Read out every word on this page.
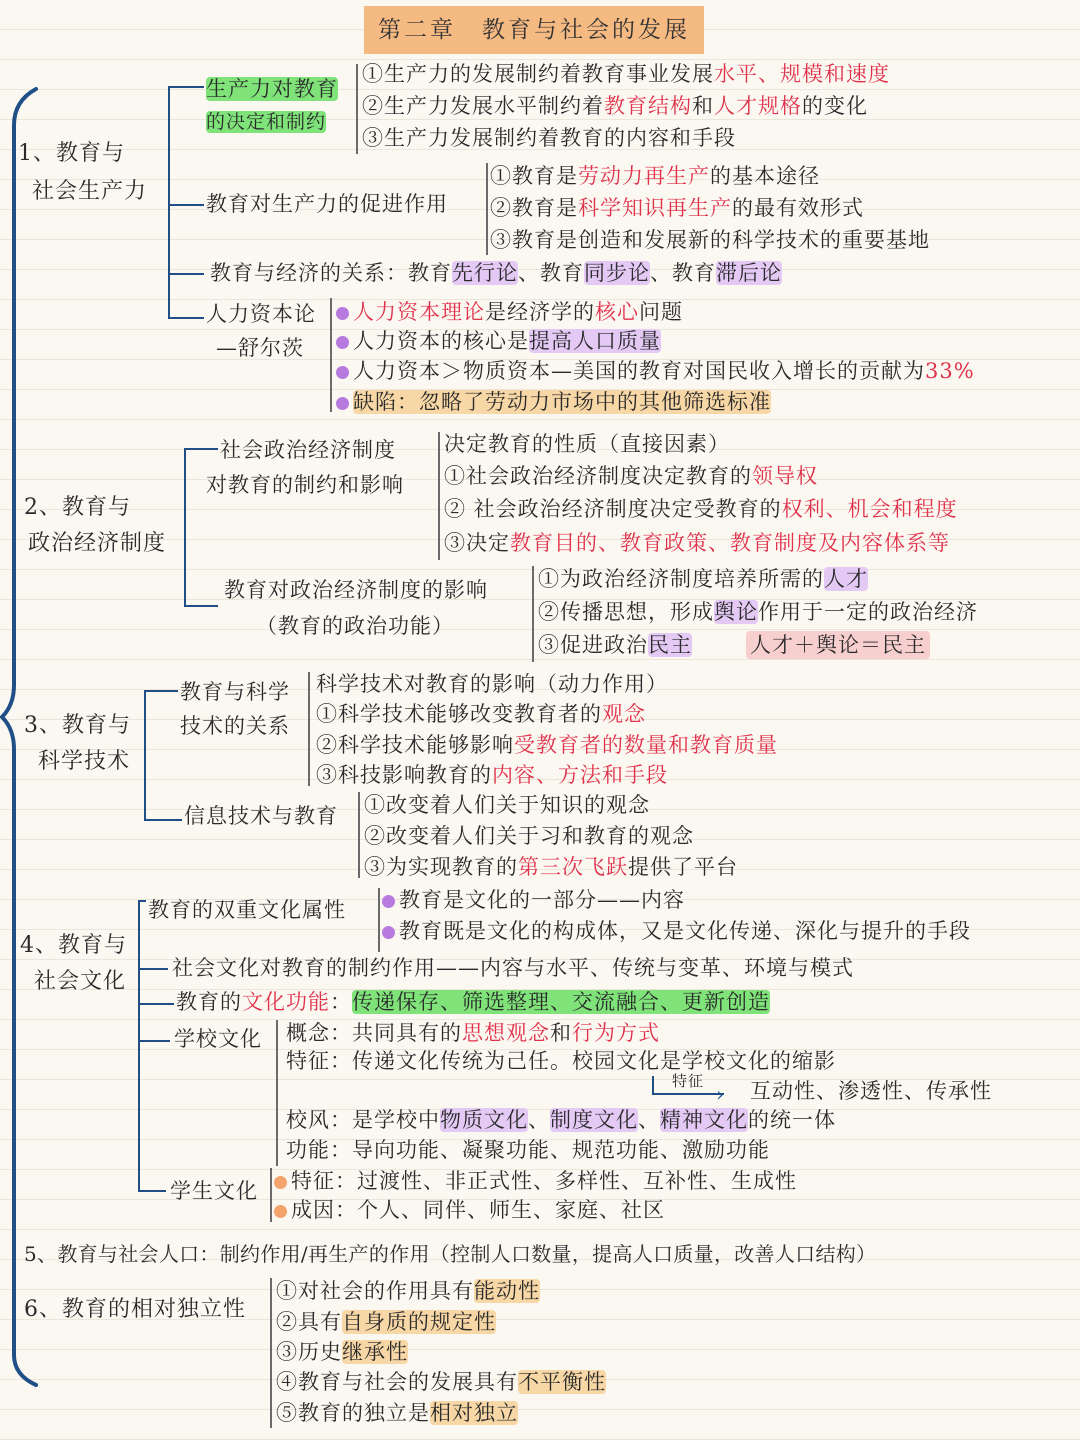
第二章　教育与社会的发展
1、教育与
社会生产力
生产力对教育
的决定和制约
①生产力的发展制约着教育事业发展水平、规模和速度
②生产力发展水平制约着教育结构和人才规格的变化
③生产力发展制约着教育的内容和手段
教育对生产力的促进作用
①教育是劳动力再生产的基本途径
②教育是科学知识再生产的最有效形式
③教育是创造和发展新的科学技术的重要基地
教育与经济的关系：教育先行论、教育同步论、教育滞后论
人力资本论
—舒尔茨
人力资本理论是经济学的核心问题
人力资本的核心是提高人口质量
人力资本＞物质资本—美国的教育对国民收入增长的贡献为33%
缺陷：忽略了劳动力市场中的其他筛选标准
2、教育与
政治经济制度
社会政治经济制度
对教育的制约和影响
决定教育的性质（直接因素）
①社会政治经济制度决定教育的领导权
② 社会政治经济制度决定受教育的权利、机会和程度
③决定教育目的、教育政策、教育制度及内容体系等
教育对政治经济制度的影响
（教育的政治功能）
①为政治经济制度培养所需的人才
②传播思想，形成舆论作用于一定的政治经济
③促进政治民主	人才＋舆论＝民主
3、教育与
科学技术
教育与科学
技术的关系
科学技术对教育的影响（动力作用）
①科学技术能够改变教育者的观念
②科学技术能够影响受教育者的数量和教育质量
③科技影响教育的内容、方法和手段
信息技术与教育 ①改变着人们关于知识的观念
②改变着人们关于习和教育的观念
③为实现教育的第三次飞跃提供了平台
4、教育与
社会文化
教育的双重文化属性	教育是文化的一部分——内容
教育既是文化的构成体，又是文化传递、深化与提升的手段
社会文化对教育的制约作用——内容与水平、传统与变革、环境与模式
教育的文化功能：传递保存、筛选整理、交流融合、更新创造
学校文化 概念：共同具有的思想观念和行为方式
特征：传递文化传统为己任。校园文化是学校文化的缩影
特征
› 互动性、渗透性、传承性
校风：是学校中物质文化、制度文化、精神文化的统一体
功能：导向功能、凝聚功能、规范功能、激励功能
学生文化	特征：过渡性、非正式性、多样性、互补性、生成性
成因：个人、同伴、师生、家庭、社区
5、教育与社会人口：制约作用/再生产的作用（控制人口数量，提高人口质量，改善人口结构）
6、教育的相对独立性
①对社会的作用具有能动性
②具有自身质的规定性
③历史继承性
④教育与社会的发展具有不平衡性
⑤教育的独立是相对独立
